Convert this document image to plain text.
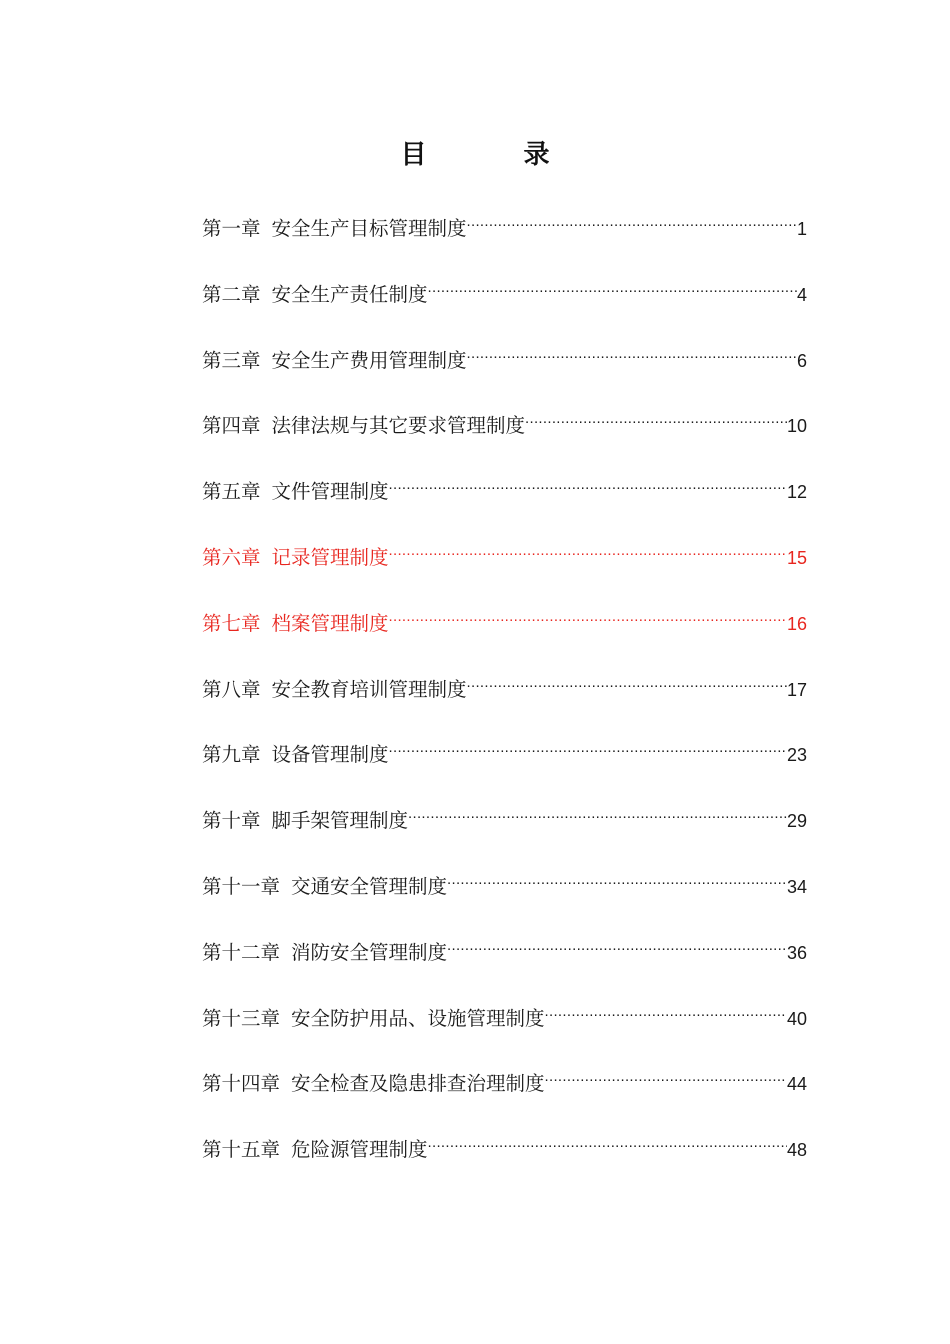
目 录
第一章 安全生产目标管理制度 .....	1
第二章 安全生产责任制度 .....	4
第三章 安全生产费用管理制度 .....	6
第四章 法律法规与其它要求管理制度 .....	10
第五章 文件管理制度 .....	12
第六章 记录管理制度 .....	15
第七章 档案管理制度 .....	16
第八章 安全教育培训管理制度 .....	17
第九章 设备管理制度 .....	23
第十章 脚手架管理制度 .....	29
第十一章 交通安全管理制度 .....	34
第十二章 消防安全管理制度 .....	36
第十三章 安全防护用品、设施管理制度 .....	40
第十四章 安全检查及隐患排查治理制度 .....	44
第十五章 危险源管理制度 .....	48
